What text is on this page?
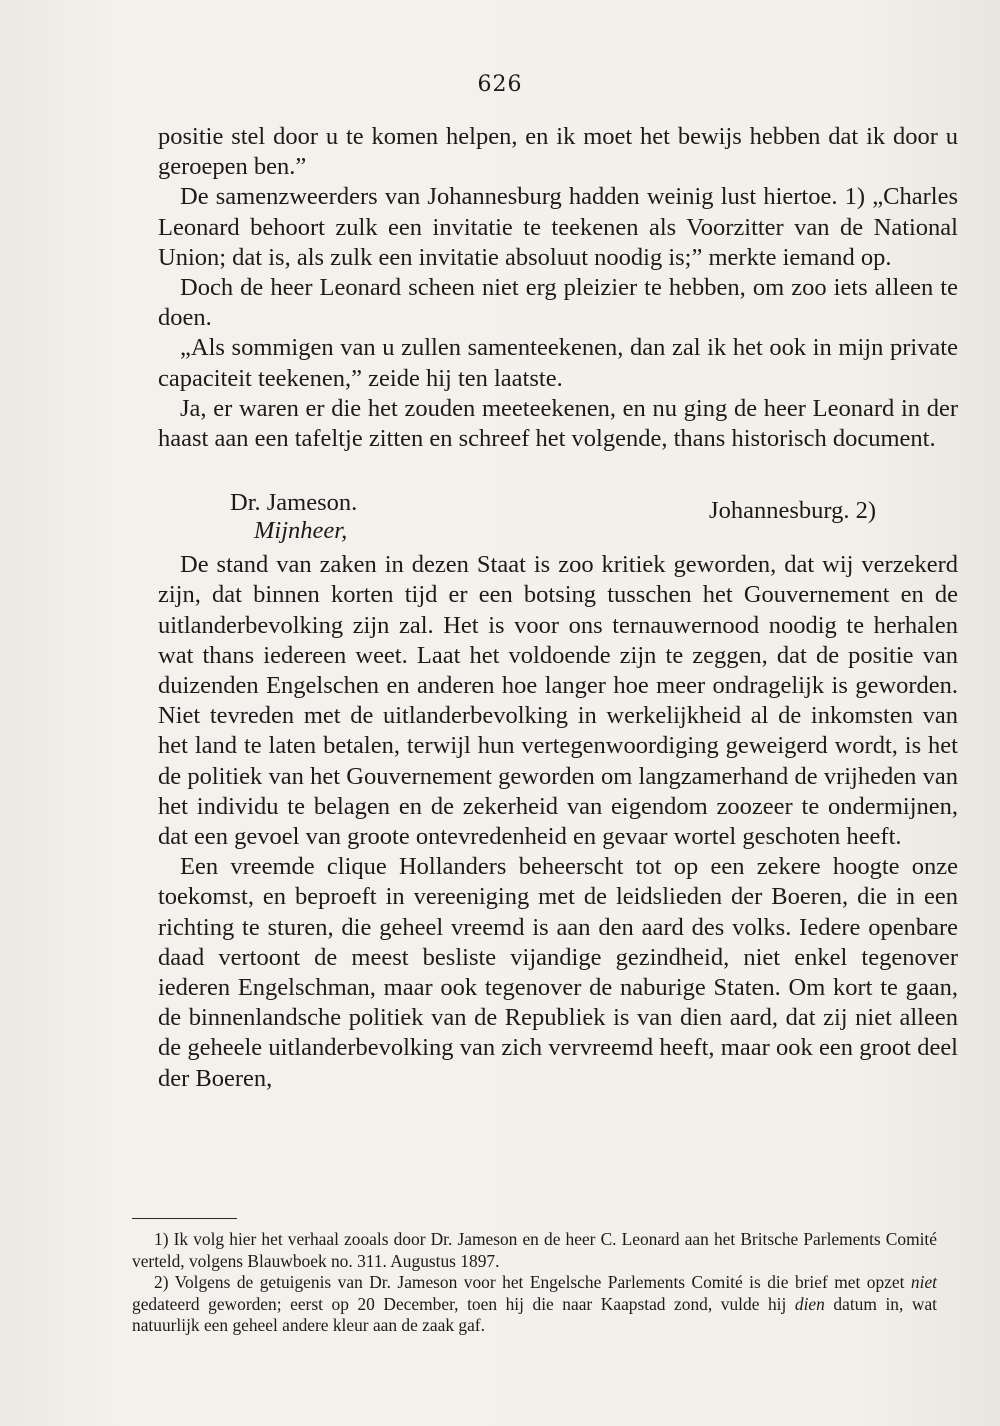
626

positie stel door u te komen helpen, en ik moet het bewijs hebben dat ik door u geroepen ben.”

De samenzweerders van Johannesburg hadden weinig lust hiertoe. 1) „Charles Leonard behoort zulk een invitatie te teekenen als Voorzitter van de National Union; dat is, als zulk een invitatie absoluut noodig is;” merkte iemand op.

Doch de heer Leonard scheen niet erg pleizier te hebben, om zoo iets alleen te doen.

„Als sommigen van u zullen samenteekenen, dan zal ik het ook in mijn private capaciteit teekenen,” zeide hij ten laatste.

Ja, er waren er die het zouden meeteekenen, en nu ging de heer Leonard in der haast aan een tafeltje zitten en schreef het volgende, thans historisch document.

Dr. Jameson.	Johannesburg. 2)
Mijnheer,

De stand van zaken in dezen Staat is zoo kritiek geworden, dat wij verzekerd zijn, dat binnen korten tijd er een botsing tusschen het Gouvernement en de uitlanderbevolking zijn zal. Het is voor ons ternauwernood noodig te herhalen wat thans iedereen weet. Laat het voldoende zijn te zeggen, dat de positie van duizenden Engelschen en anderen hoe langer hoe meer ondragelijk is geworden. Niet tevreden met de uitlanderbevolking in werkelijkheid al de inkomsten van het land te laten betalen, terwijl hun vertegenwoordiging geweigerd wordt, is het de politiek van het Gouvernement geworden om langzamerhand de vrijheden van het individu te belagen en de zekerheid van eigendom zoozeer te ondermijnen, dat een gevoel van groote ontevredenheid en gevaar wortel geschoten heeft.

Een vreemde clique Hollanders beheerscht tot op een zekere hoogte onze toekomst, en beproeft in vereeniging met de leidslieden der Boeren, die in een richting te sturen, die geheel vreemd is aan den aard des volks. Iedere openbare daad vertoont de meest besliste vijandige gezindheid, niet enkel tegenover iederen Engelschman, maar ook tegenover de naburige Staten. Om kort te gaan, de binnenlandsche politiek van de Republiek is van dien aard, dat zij niet alleen de geheele uitlanderbevolking van zich vervreemd heeft, maar ook een groot deel der Boeren,

1) Ik volg hier het verhaal zooals door Dr. Jameson en de heer C. Leonard aan het Britsche Parlements Comité verteld, volgens Blauwboek no. 311. Augustus 1897.

2) Volgens de getuigenis van Dr. Jameson voor het Engelsche Parlements Comité is die brief met opzet niet gedateerd geworden; eerst op 20 December, toen hij die naar Kaapstad zond, vulde hij dien datum in, wat natuurlijk een geheel andere kleur aan de zaak gaf.
